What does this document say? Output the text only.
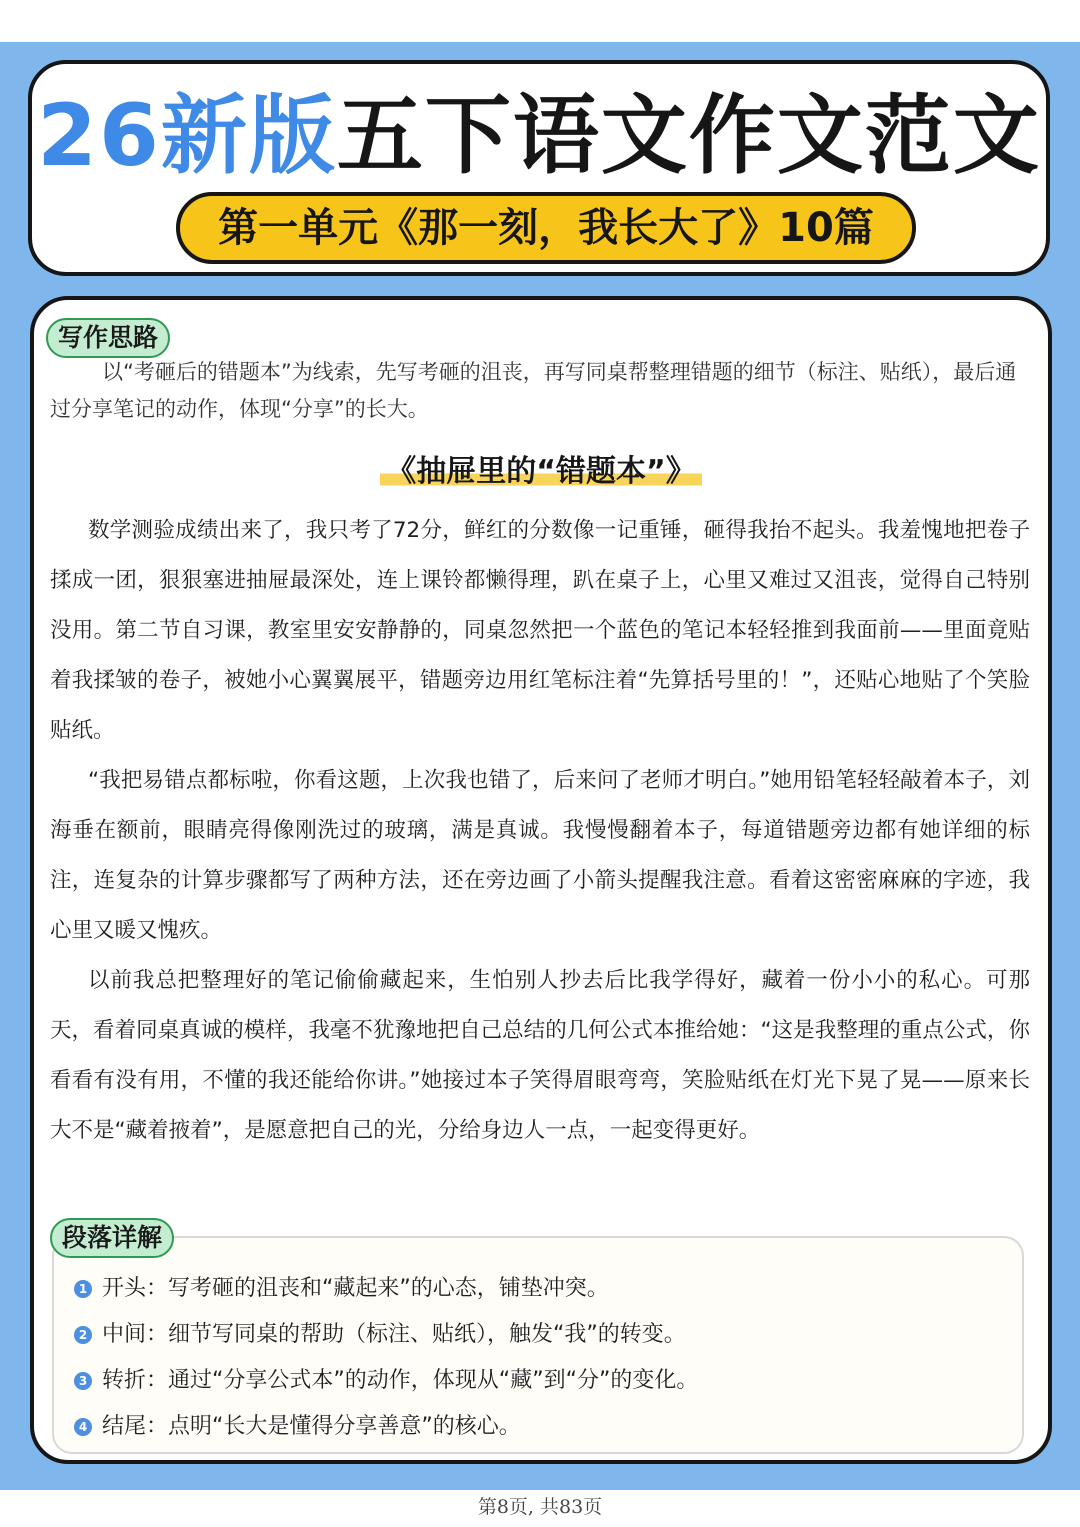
26新版五下语文作文范文
第一单元《那一刻，我长大了》10篇
写作思路

以“考砸后的错题本”为线索，先写考砸的沮丧，再写同桌帮整理错题的细节（标注、贴纸），最后通过分享笔记的动作，体现“分享”的长大。

《抽屉里的“错题本”》

数学测验成绩出来了，我只考了72分，鲜红的分数像一记重锤，砸得我抬不起头。我羞愧地把卷子揉成一团，狠狠塞进抽屉最深处，连上课铃都懒得理，趴在桌子上，心里又难过又沮丧，觉得自己特别没用。第二节自习课，教室里安安静静的，同桌忽然把一个蓝色的笔记本轻轻推到我面前——里面竟贴着我揉皱的卷子，被她小心翼翼展平，错题旁边用红笔标注着“先算括号里的！”，还贴心地贴了个笑脸贴纸。

“我把易错点都标啦，你看这题，上次我也错了，后来问了老师才明白。”她用铅笔轻轻敲着本子，刘海垂在额前，眼睛亮得像刚洗过的玻璃，满是真诚。我慢慢翻着本子，每道错题旁边都有她详细的标注，连复杂的计算步骤都写了两种方法，还在旁边画了小箭头提醒我注意。看着这密密麻麻的字迹，我心里又暖又愧疚。

以前我总把整理好的笔记偷偷藏起来，生怕别人抄去后比我学得好，藏着一份小小的私心。可那天，看着同桌真诚的模样，我毫不犹豫地把自己总结的几何公式本推给她：“这是我整理的重点公式，你看看有没有用，不懂的我还能给你讲。”她接过本子笑得眉眼弯弯，笑脸贴纸在灯光下晃了晃——原来长大不是“藏着掖着”，是愿意把自己的光，分给身边人一点，一起变得更好。

1 开头：写考砸的沮丧和“藏起来”的心态，铺垫冲突。
2 中间：细节写同桌的帮助（标注、贴纸），触发“我”的转变。
3 转折：通过“分享公式本”的动作，体现从“藏”到“分”的变化。
4 结尾：点明“长大是懂得分享善意”的核心。
段落详解
第8页, 共83页
